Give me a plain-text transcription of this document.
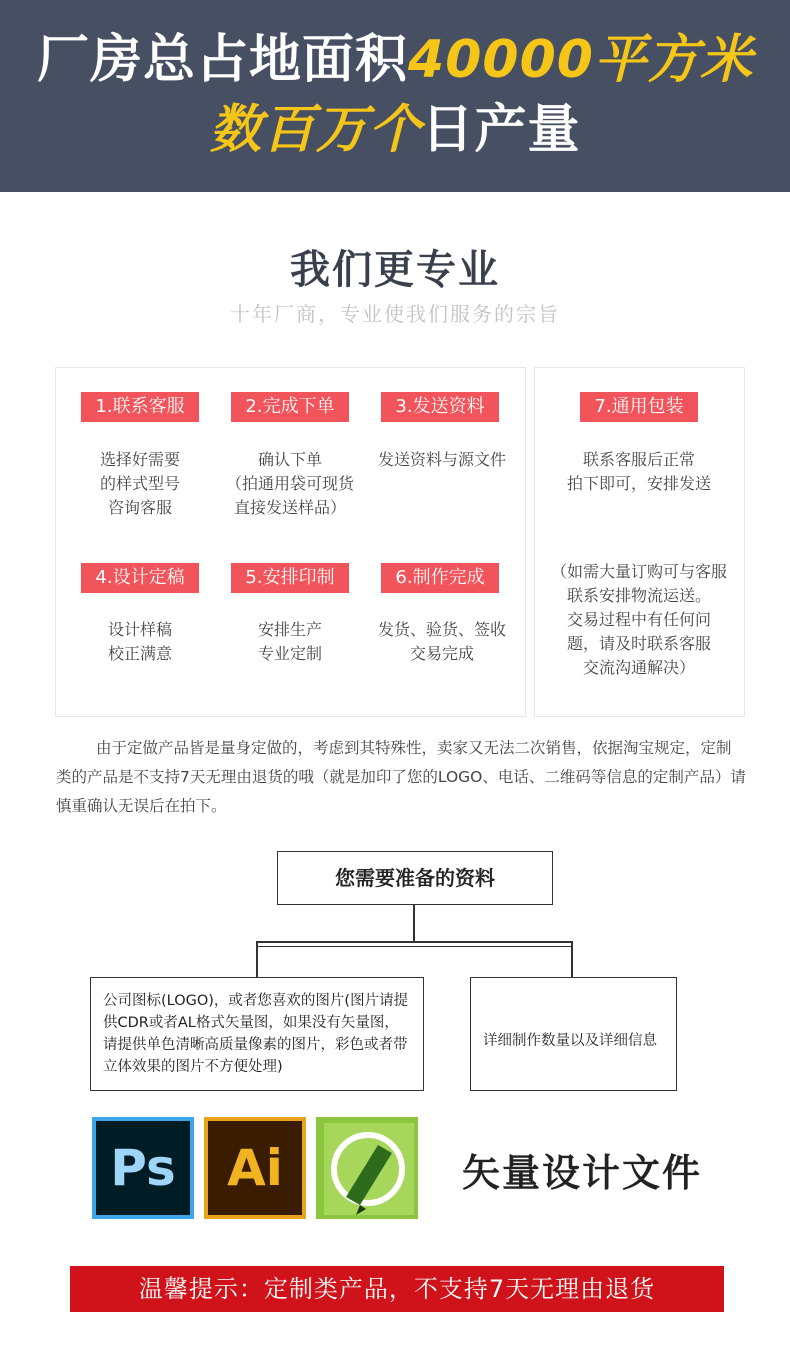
厂房总占地面积40000平方米
数百万个日产量
我们更专业
十年厂商，专业使我们服务的宗旨
1.联系客服	2.完成下单	3.发送资料	7.通用包装
选择好需要
的样式型号
咨询客服
确认下单
（拍通用袋可现货
直接发送样品）
发送资料与源文件	联系客服后正常
拍下即可，安排发送
4.设计定稿	5.安排印制	6.制作完成
设计样稿
校正满意
安排生产
专业定制
发货、验货、签收
交易完成
（如需大量订购可与客服
联系安排物流运送。
交易过程中有任何问
题，请及时联系客服
交流沟通解决）
由于定做产品皆是量身定做的，考虑到其特殊性，卖家又无法二次销售，依据淘宝规定，定制类的产品是不支持7天无理由退货的哦（就是加印了您的LOGO、电话、二维码等信息的定制产品）请慎重确认无误后在拍下。
您需要准备的资料
公司图标(LOGO)，或者您喜欢的图片(图片请提供CDR或者AL格式矢量图，如果没有矢量图，请提供单色清晰高质量像素的图片，彩色或者带立体效果的图片不方便处理)
详细制作数量以及详细信息
Ps	Ai	矢量设计文件
温馨提示：定制类产品，不支持7天无理由退货
